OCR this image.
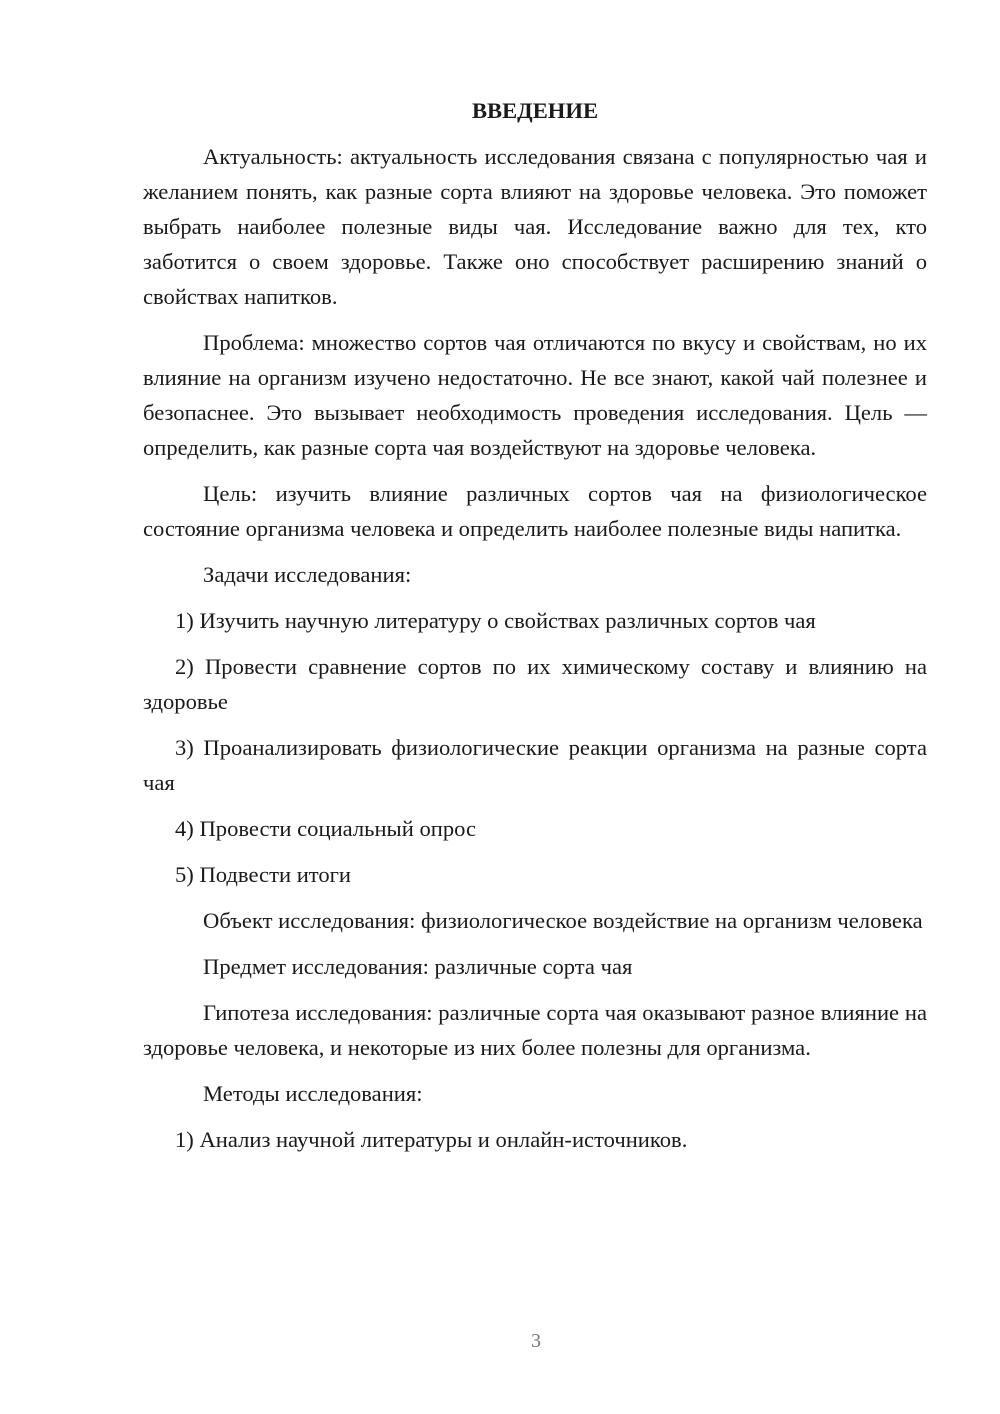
ВВЕДЕНИЕ

Актуальность: актуальность исследования связана с популярностью чая и желанием понять, как разные сорта влияют на здоровье человека. Это поможет выбрать наиболее полезные виды чая. Исследование важно для тех, кто заботится о своем здоровье. Также оно способствует расширению знаний о свойствах напитков.

Проблема: множество сортов чая отличаются по вкусу и свойствам, но их влияние на организм изучено недостаточно. Не все знают, какой чай полезнее и безопаснее. Это вызывает необходимость проведения исследования. Цель — определить, как разные сорта чая воздействуют на здоровье человека.

Цель: изучить влияние различных сортов чая на физиологическое состояние организма человека и определить наиболее полезные виды напитка.

Задачи исследования:

1) Изучить научную литературу о свойствах различных сортов чая

2) Провести сравнение сортов по их химическому составу и влиянию на здоровье

3) Проанализировать физиологические реакции организма на разные сорта чая

4) Провести социальный опрос

5) Подвести итоги

Объект исследования: физиологическое воздействие на организм человека

Предмет исследования: различные сорта чая

Гипотеза исследования: различные сорта чая оказывают разное влияние на здоровье человека, и некоторые из них более полезны для организма.

Методы исследования:

1) Анализ научной литературы и онлайн-источников.

3
